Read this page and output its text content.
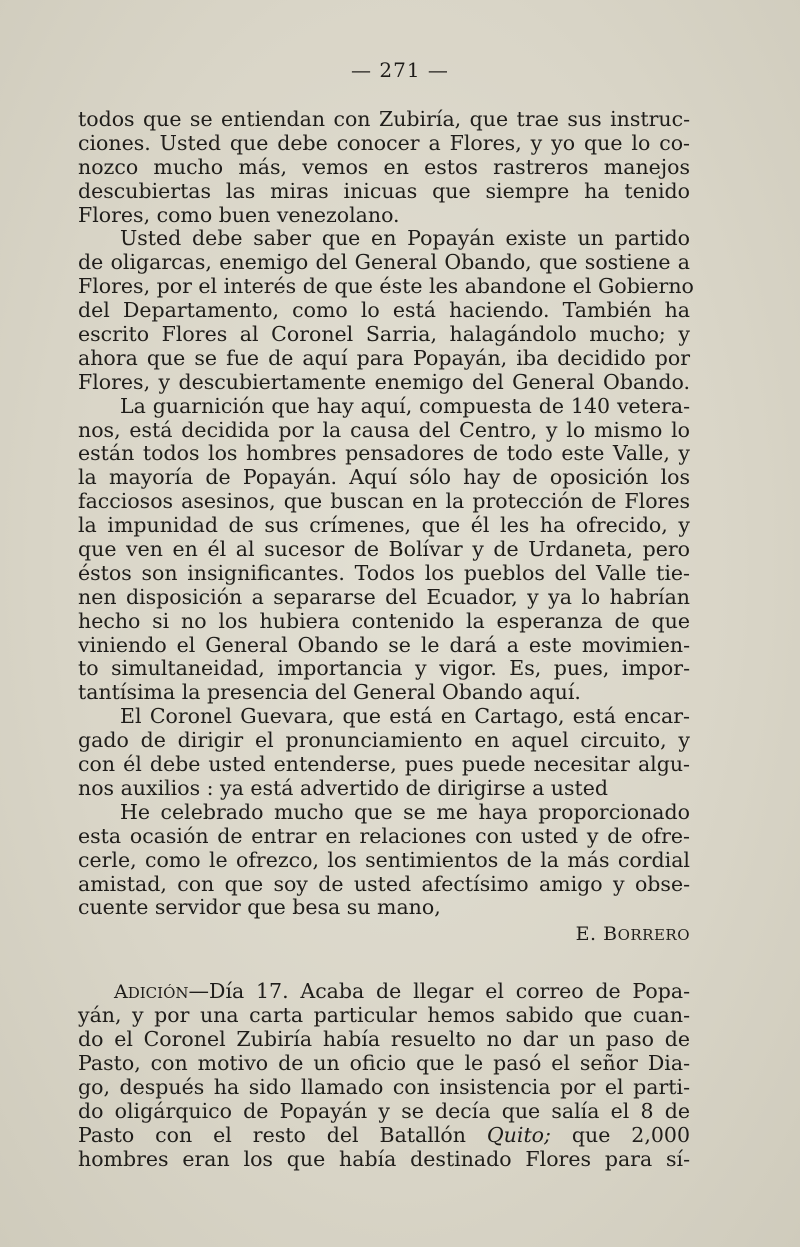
— 271 —
todos que se entiendan con Zubiría, que trae sus instruc-
ciones. Usted que debe conocer a Flores, y yo que lo co-
nozco mucho más, vemos en estos rastreros manejos
descubiertas las miras inicuas que siempre ha tenido
Flores, como buen venezolano.
Usted debe saber que en Popayán existe un partido
de oligarcas, enemigo del General Obando, que sostiene a
Flores, por el interés de que éste les abandone el Gobierno
del Departamento, como lo está haciendo. También ha
escrito Flores al Coronel Sarria, halagándolo mucho; y
ahora que se fue de aquí para Popayán, iba decidido por
Flores, y descubiertamente enemigo del General Obando.
La guarnición que hay aquí, compuesta de 140 vetera-
nos, está decidida por la causa del Centro, y lo mismo lo
están todos los hombres pensadores de todo este Valle, y
la mayoría de Popayán. Aquí sólo hay de oposición los
facciosos asesinos, que buscan en la protección de Flores
la impunidad de sus crímenes, que él les ha ofrecido, y
que ven en él al sucesor de Bolívar y de Urdaneta, pero
éstos son insignificantes. Todos los pueblos del Valle tie-
nen disposición a separarse del Ecuador, y ya lo habrían
hecho si no los hubiera contenido la esperanza de que
viniendo el General Obando se le dará a este movimien-
to simultaneidad, importancia y vigor. Es, pues, impor-
tantísima la presencia del General Obando aquí.
El Coronel Guevara, que está en Cartago, está encar-
gado de dirigir el pronunciamiento en aquel circuito, y
con él debe usted entenderse, pues puede necesitar algu-
nos auxilios : ya está advertido de dirigirse a usted
He celebrado mucho que se me haya proporcionado
esta ocasión de entrar en relaciones con usted y de ofre-
cerle, como le ofrezco, los sentimientos de la más cordial
amistad, con que soy de usted afectísimo amigo y obse-
cuente servidor que besa su mano,
E. BORRERO
ADICIÓN—Día 17. Acaba de llegar el correo de Popa-
yán, y por una carta particular hemos sabido que cuan-
do el Coronel Zubiría había resuelto no dar un paso de
Pasto, con motivo de un oficio que le pasó el señor Dia-
go, después ha sido llamado con insistencia por el parti-
do oligárquico de Popayán y se decía que salía el 8 de
Pasto con el resto del Batallón Quito; que 2,000
hombres eran los que había destinado Flores para sí-
